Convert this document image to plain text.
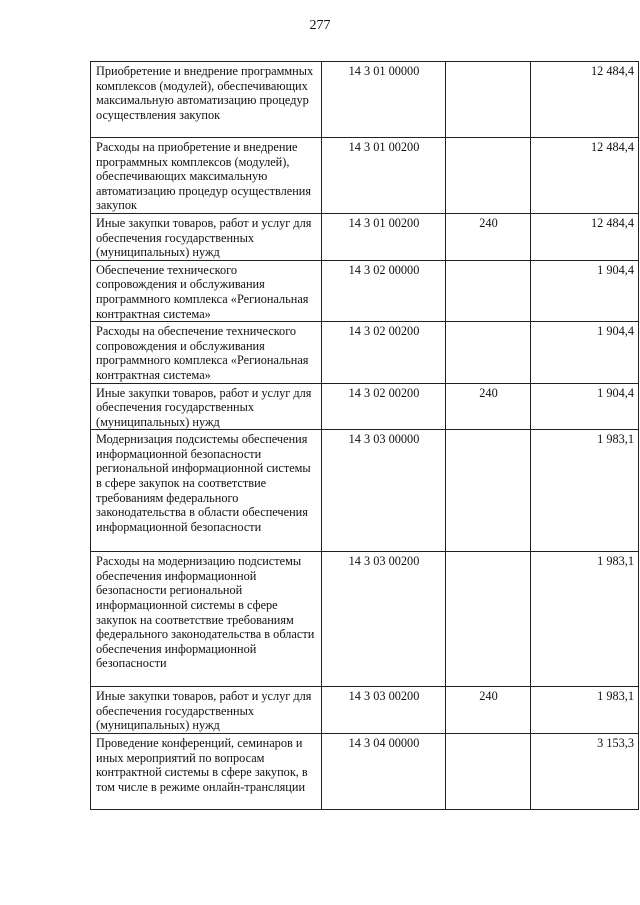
277
Приобретение и внедрение программных комплексов (модулей), обеспечивающих максимальную автоматизацию процедур осуществления закупок	14 3 01 00000		12 484,4
Расходы на приобретение и внедрение программных комплексов (модулей), обеспечивающих максимальную автоматизацию процедур осуществления закупок	14 3 01 00200		12 484,4
Иные закупки товаров, работ и услуг для обеспечения государственных (муниципальных) нужд	14 3 01 00200	240	12 484,4
Обеспечение технического сопровождения и обслуживания программного комплекса «Региональная контрактная система»	14 3 02 00000		1 904,4
Расходы на обеспечение технического сопровождения и обслуживания программного комплекса «Региональная контрактная система»	14 3 02 00200		1 904,4
Иные закупки товаров, работ и услуг для обеспечения государственных (муниципальных) нужд	14 3 02 00200	240	1 904,4
Модернизация подсистемы обеспечения информационной безопасности региональной информационной системы в сфере закупок на соответствие требованиям федерального законодательства в области обеспечения информационной безопасности	14 3 03 00000		1 983,1
Расходы на модернизацию подсистемы обеспечения информационной безопасности региональной информационной системы в сфере закупок на соответствие требованиям федерального законодательства в области обеспечения информационной безопасности	14 3 03 00200		1 983,1
Иные закупки товаров, работ и услуг для обеспечения государственных (муниципальных) нужд	14 3 03 00200	240	1 983,1
Проведение конференций, семинаров и иных мероприятий по вопросам контрактной системы в сфере закупок, в том числе в режиме онлайн-трансляции	14 3 04 00000		3 153,3
